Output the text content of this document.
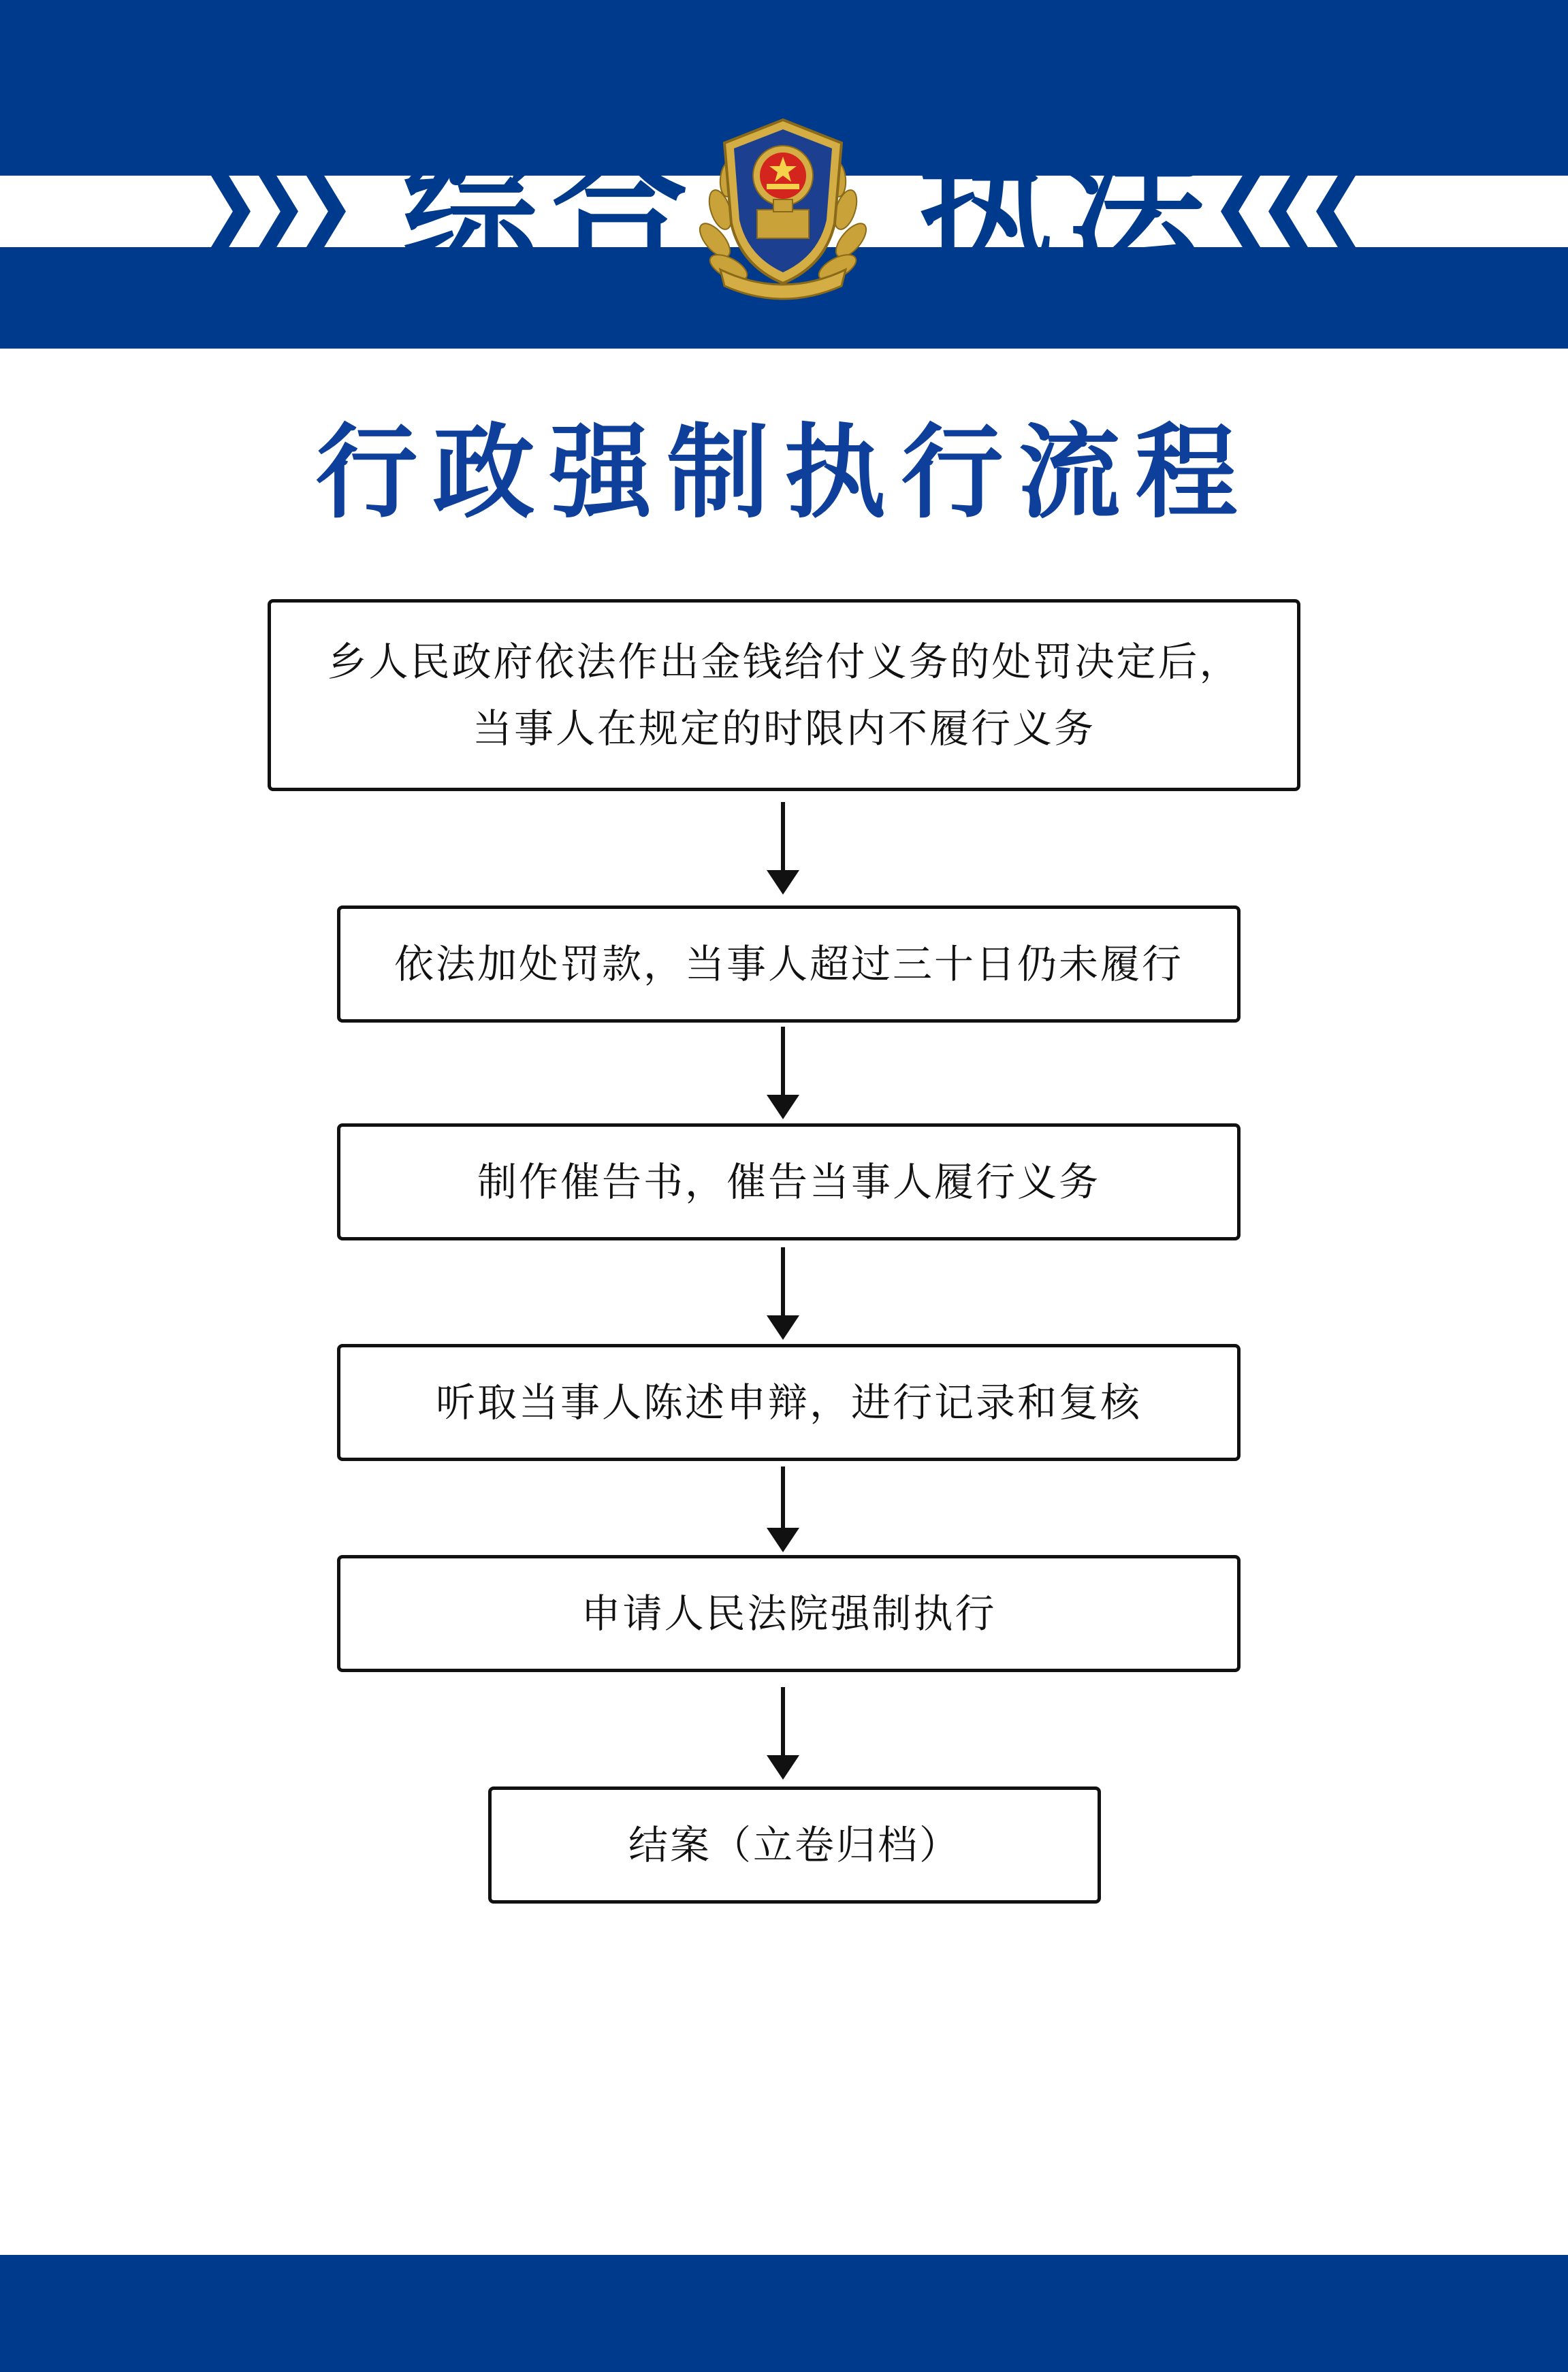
综合 执法
行政强制执行流程
乡人民政府依法作出金钱给付义务的处罚决定后，
当事人在规定的时限内不履行义务
依法加处罚款，当事人超过三十日仍未履行
制作催告书，催告当事人履行义务
听取当事人陈述申辩，进行记录和复核
申请人民法院强制执行
结案（立卷归档）
